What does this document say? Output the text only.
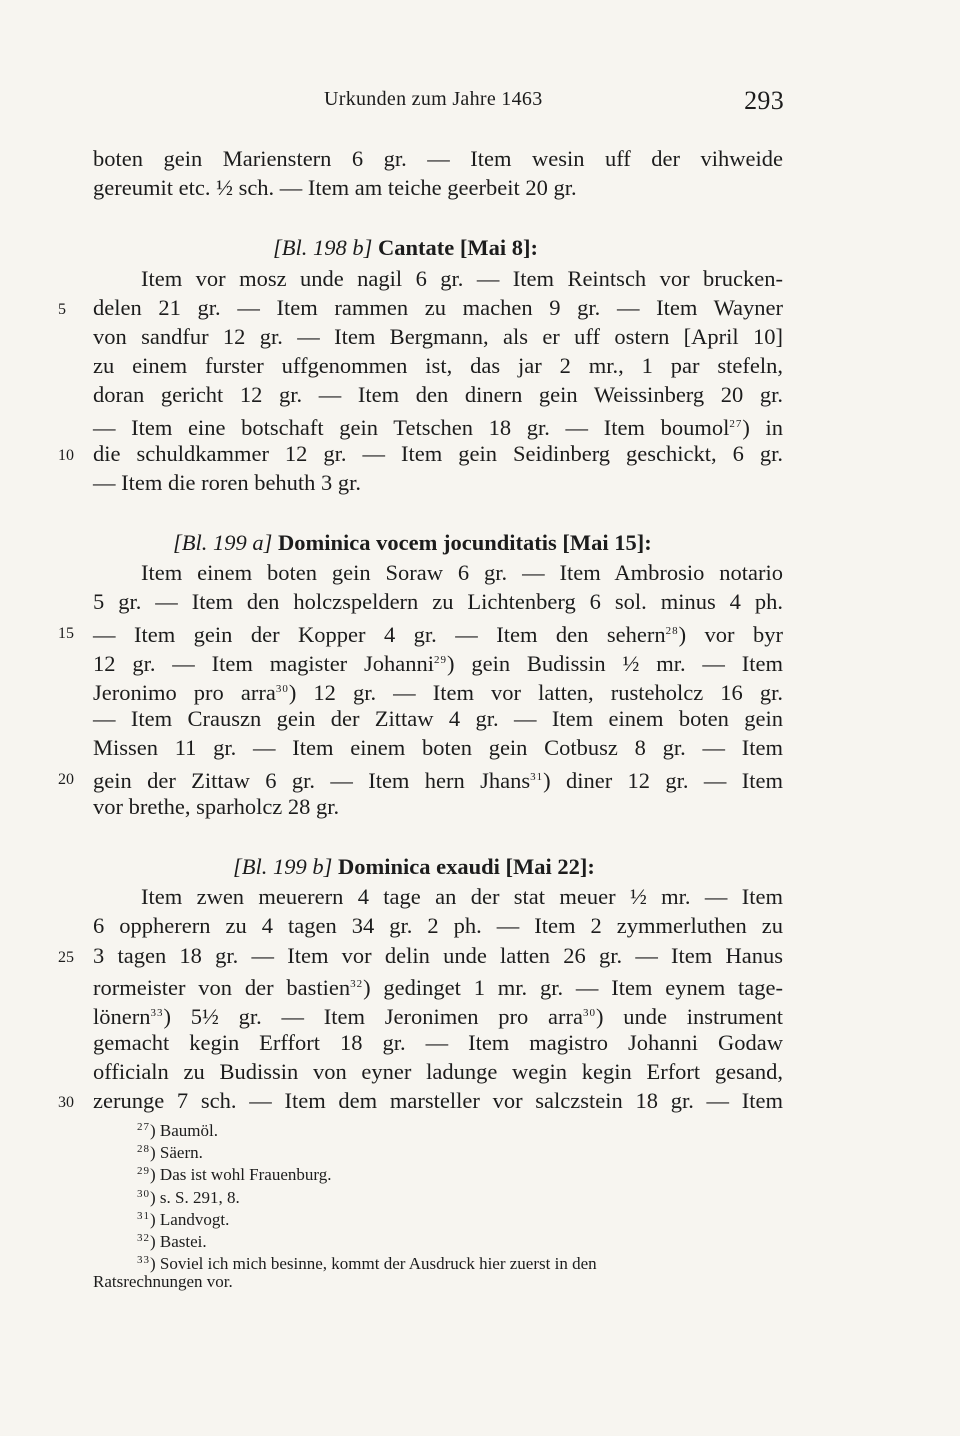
Urkunden zum Jahre 1463	293
boten gein Marienstern 6 gr. — Item wesin uff der vihweide
gereumit etc. ½ sch. — Item am teiche geerbeit 20 gr.
[Bl. 198 b] Cantate [Mai 8]:
Item vor mosz unde nagil 6 gr. — Item Reintsch vor brucken-
5	delen 21 gr. — Item rammen zu machen 9 gr. — Item Wayner
von sandfur 12 gr. — Item Bergmann, als er uff ostern [April 10]
zu einem furster uffgenommen ist, das jar 2 mr., 1 par stefeln,
doran gericht 12 gr. — Item den dinern gein Weissinberg 20 gr.
— Item eine botschaft gein Tetschen 18 gr. — Item boumol$^{27}$) in
10 die schuldkammer 12 gr. — Item gein Seidinberg geschickt, 6 gr.
— Item die roren behuth 3 gr.
[Bl. 199 a] Dominica vocem jocunditatis [Mai 15]:
Item einem boten gein Soraw 6 gr. — Item Ambrosio notario
5 gr. — Item den holczspeldern zu Lichtenberg 6 sol. minus 4 ph.
15 — Item gein der Kopper 4 gr. — Item den sehern$^{28}$) vor byr
12 gr. — Item magister Johanni$^{29}$) gein Budissin ½ mr. — Item
Jeronimo pro arra$^{30}$) 12 gr. — Item vor latten, rusteholcz 16 gr.
— Item Crauszn gein der Zittaw 4 gr. — Item einem boten gein
Missen 11 gr. — Item einem boten gein Cotbusz 8 gr. — Item
20 gein der Zittaw 6 gr. — Item hern Jhans$^{31}$) diner 12 gr. — Item
vor brethe, sparholcz 28 gr.
[Bl. 199 b] Dominica exaudi [Mai 22]:
Item zwen meuerern 4 tage an der stat meuer ½ mr. — Item
6 oppherern zu 4 tagen 34 gr. 2 ph. — Item 2 zymmerluthen zu
25 3 tagen 18 gr. — Item vor delin unde latten 26 gr. — Item Hanus
rormeister von der bastien$^{32}$) gedinget 1 mr. gr. — Item eynem tage-
lönern$^{33}$) 5½ gr. — Item Jeronimen pro arra$^{30}$) unde instrument
gemacht kegin Erffort 18 gr. — Item magistro Johanni Godaw
officialn zu Budissin von eyner ladunge wegin kegin Erfort gesand,
30 zerunge 7 sch. — Item dem marsteller vor salczstein 18 gr. — Item
$^{27}$) Baumöl.
$^{28}$) Säern.
$^{29}$) Das ist wohl Frauenburg.
$^{30}$) s. S. 291, 8.
$^{31}$) Landvogt.
$^{32}$) Bastei.
$^{33}$) Soviel ich mich besinne, kommt der Ausdruck hier zuerst in den
Ratsrechnungen vor.
